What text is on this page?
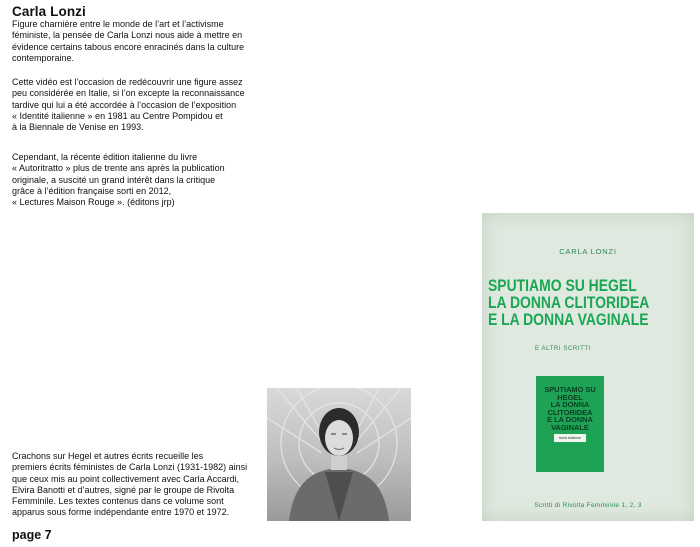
Carla Lonzi

Figure charnière entre le monde de l’art et l’activisme
féministe, la pensée de Carla Lonzi nous aide à mettre en
évidence certains tabous encore enracinés dans la culture
contemporaine.

Cette vidéo est l’occasion de redécouvrir une figure assez
peu considérée en Italie, si l’on excepte la reconnaissance
tardive qui lui a été accordée à l’occasion de l’exposition
« Identité italienne » en 1981 au Centre Pompidou et
à la Biennale de Venise en 1993.

Cependant, la récente édition italienne du livre
« Autoritratto » plus de trente ans après la publication
originale, a suscité un grand intérêt dans la critique
grâce à l’édition française sorti en 2012,
« Lectures Maison Rouge ». (éditons jrp)

Crachons sur Hegel et autres écrits recueille les
premiers écrits féministes de Carla Lonzi (1931-1982) ainsi
que ceux mis au point collectivement avec Carla Accardi,
Elvira Banotti et d’autres, signé par le groupe de Rivolta
Femminile. Les textes contenus dans ce volume sont
apparus sous forme indépendante entre 1970 et 1972.

page 7
CARLA LONZI
SPUTIAMO SU HEGEL
LA DONNA CLITORIDEA
E LA DONNA VAGINALE
E ALTRI SCRITTI
SPUTIAMO SU HEGEL
LA DONNA CLITORIDEA
E LA DONNA VAGINALE
terza edizione
Scritti di Rivolta Femminile 1, 2, 3
